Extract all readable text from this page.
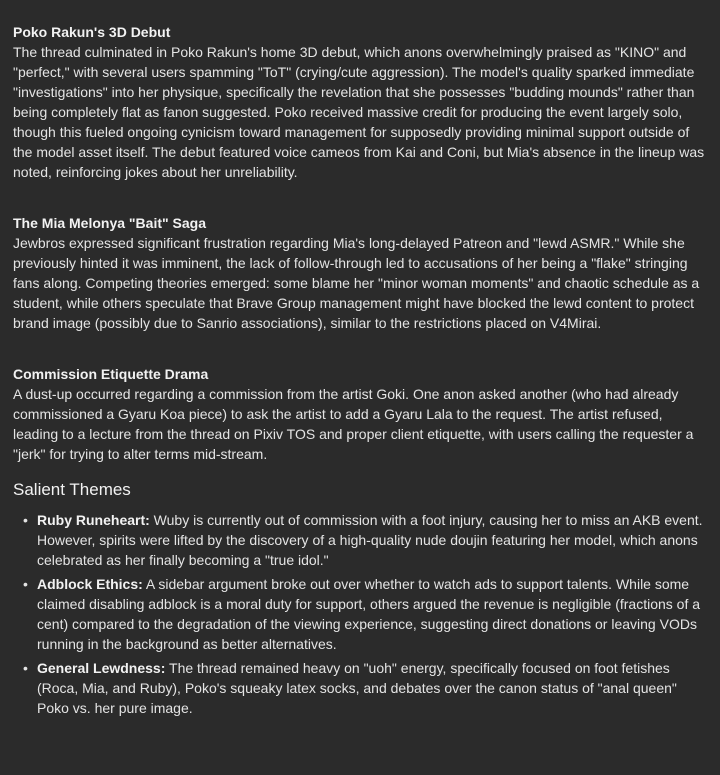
Poko Rakun's 3D Debut

The thread culminated in Poko Rakun's home 3D debut, which anons overwhelmingly praised as "KINO" and "perfect," with several users spamming "ToT" (crying/cute aggression). The model's quality sparked immediate "investigations" into her physique, specifically the revelation that she possesses "budding mounds" rather than being completely flat as fanon suggested. Poko received massive credit for producing the event largely solo, though this fueled ongoing cynicism toward management for supposedly providing minimal support outside of the model asset itself. The debut featured voice cameos from Kai and Coni, but Mia's absence in the lineup was noted, reinforcing jokes about her unreliability.

The Mia Melonya "Bait" Saga

Jewbros expressed significant frustration regarding Mia's long-delayed Patreon and "lewd ASMR." While she previously hinted it was imminent, the lack of follow-through led to accusations of her being a "flake" stringing fans along. Competing theories emerged: some blame her "minor woman moments" and chaotic schedule as a student, while others speculate that Brave Group management might have blocked the lewd content to protect brand image (possibly due to Sanrio associations), similar to the restrictions placed on V4Mirai.

Commission Etiquette Drama

A dust-up occurred regarding a commission from the artist Goki. One anon asked another (who had already commissioned a Gyaru Koa piece) to ask the artist to add a Gyaru Lala to the request. The artist refused, leading to a lecture from the thread on Pixiv TOS and proper client etiquette, with users calling the requester a "jerk" for trying to alter terms mid-stream.

Salient Themes
• Ruby Runeheart: Wuby is currently out of commission with a foot injury, causing her to miss an AKB event. However, spirits were lifted by the discovery of a high-quality nude doujin featuring her model, which anons celebrated as her finally becoming a "true idol."
• Adblock Ethics: A sidebar argument broke out over whether to watch ads to support talents. While some claimed disabling adblock is a moral duty for support, others argued the revenue is negligible (fractions of a cent) compared to the degradation of the viewing experience, suggesting direct donations or leaving VODs running in the background as better alternatives.
• General Lewdness: The thread remained heavy on "uoh" energy, specifically focused on foot fetishes (Roca, Mia, and Ruby), Poko's squeaky latex socks, and debates over the canon status of "anal queen" Poko vs. her pure image.
